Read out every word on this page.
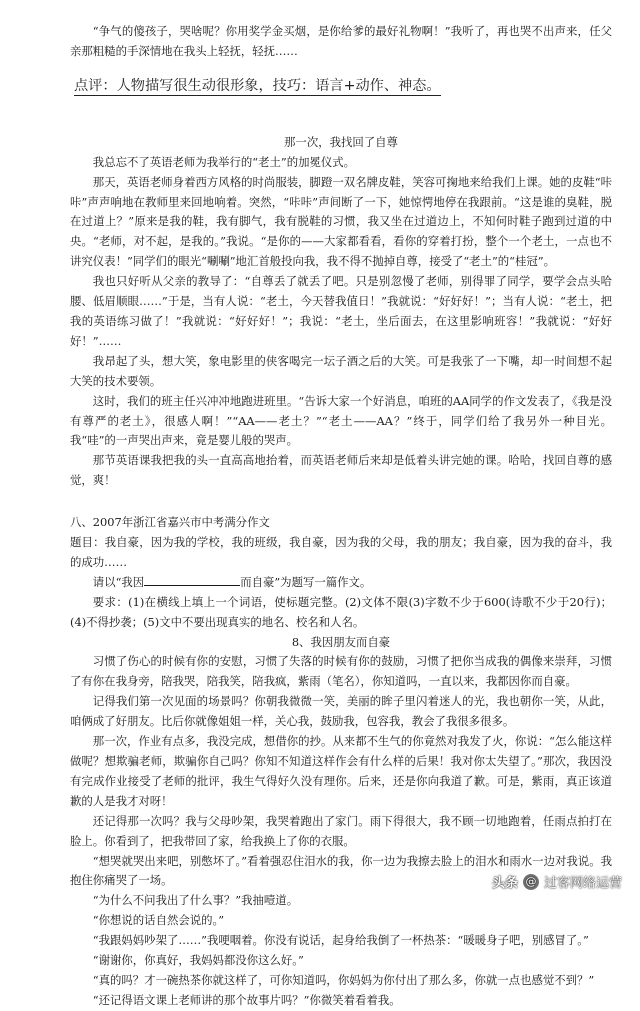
“争气的傻孩子，哭啥呢？你用奖学金买烟，是你给爹的最好礼物啊！”我听了，再也哭不出声来，任父亲那粗糙的手深情地在我头上轻抚，轻抚……

点评：人物描写很生动很形象，技巧：语言+动作、神态。

那一次，我找回了自尊

我总忘不了英语老师为我举行的“老土”的加冕仪式。

那天，英语老师身着西方风格的时尚服装，脚蹬一双名牌皮鞋，笑容可掬地来给我们上课。她的皮鞋“咔咔”声声响地在教师里来回地响着。突然，“咔咔”声间断了一下，她惊愕地停在我跟前。“这是谁的臭鞋，脱在过道上？”原来是我的鞋，我有脚气，我有脱鞋的习惯，我又坐在过道边上，不知何时鞋子跑到过道的中央。“老师，对不起，是我的。”我说。“是你的——大家都看看，看你的穿着打扮，整个一个老土，一点也不讲究仪表！”同学们的眼光“唰唰”地汇首般投向我，我不得不抛掉自尊，接受了“老土”的“桂冠”。

我也只好听从父亲的教导了：“自尊丢了就丢了吧。只是别忽慢了老师，别得罪了同学，要学会点头哈腰、低眉顺眼……”于是，当有人说：“老土，今天替我值日！”我就说：“好好好！”；当有人说：“老土，把我的英语练习做了！”我就说：“好好好！”；我说：“老土，坐后面去，在这里影响班容！”我就说：“好好好！”……

我昂起了头，想大笑，象电影里的侠客喝完一坛子酒之后的大笑。可是我张了一下嘴，却一时间想不起大笑的技术要领。

这时，我们的班主任兴冲冲地跑进班里。“告诉大家一个好消息，咱班的AA同学的作文发表了，《我是没有尊严的老土》，很感人啊！”“AA——老土？”“老土——AA？”终于，同学们给了我另外一种目光。我“哇”的一声哭出声来，竟是婴儿般的哭声。

那节英语课我把我的头一直高高地抬着，而英语老师后来却是低着头讲完她的课。哈哈，找回自尊的感觉，爽！

八、2007年浙江省嘉兴市中考满分作文

题目：我自豪，因为我的学校，我的班级，我自豪，因为我的父母，我的朋友；我自豪，因为我的奋斗，我的成功……

请以“我因	而自豪”为题写一篇作文。

要求：(1)在横线上填上一个词语，使标题完整。(2)文体不限(3)字数不少于600(诗歌不少于20行)；(4)不得抄袭；(5)文中不要出现真实的地名、校名和人名。

8、我因朋友而自豪

习惯了伤心的时候有你的安慰，习惯了失落的时候有你的鼓励，习惯了把你当成我的偶像来崇拜，习惯了有你在我身旁，陪我哭，陪我笑，陪我疯，紫雨（笔名），你知道吗，一直以来，我都因你而自豪。

记得我们第一次见面的场景吗？你朝我微微一笑，美丽的眸子里闪着迷人的光，我也朝你一笑，从此，咱俩成了好朋友。比后你就像姐姐一样，关心我，鼓励我，包容我，教会了我很多很多。

那一次，作业有点多，我没完成，想借你的抄。从来都不生气的你竟然对我发了火，你说：“怎么能这样做呢？想欺骗老师，欺骗你自己吗？你知不知道这样作会有什么样的后果！我对你太失望了。”那次，我因没有完成作业接受了老师的批评，我生气得好久没有理你。后来，还是你向我道了歉。可是，紫雨，真正该道歉的人是我才对呀！

还记得那一次吗？我与父母吵架，我哭着跑出了家门。雨下得很大，我不顾一切地跑着，任雨点拍打在脸上。你看到了，把我带回了家，给我换上了你的衣服。

“想哭就哭出来吧，别憋坏了。”看着强忍住泪水的我，你一边为我擦去脸上的泪水和雨水一边对我说。我抱住你痛哭了一场。

“为什么不问我出了什么事？”我抽噎道。

“你想说的话自然会说的。”

“我跟妈妈吵架了……”我哽咽着。你没有说话，起身给我倒了一杯热茶：“暖暖身子吧，别感冒了。”

“谢谢你，你真好，我妈妈都没你这么好。”

“真的吗？才一碗热茶你就这样了，可你知道吗，你妈妈为你付出了那么多，你就一点也感觉不到？”

“还记得语文课上老师讲的那个故事片吗？”你微笑着看着我。

头条 @ 过客网络运营
